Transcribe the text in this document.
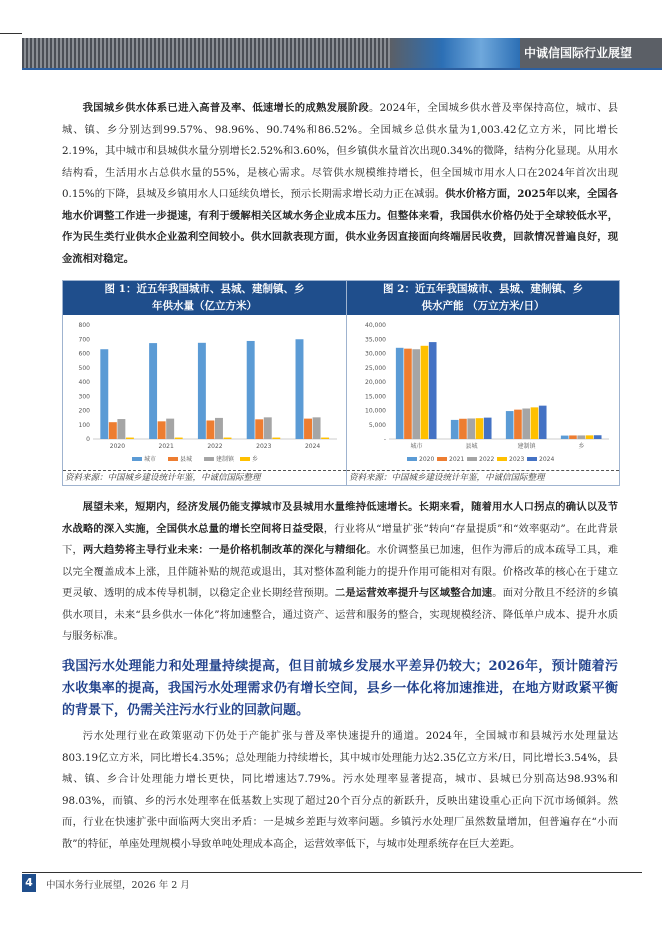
中诚信国际行业展望

我国城乡供水体系已进入高普及率、低速增长的成熟发展阶段。2024年，全国城乡供水普及率保持高位，城市、县城、镇、乡分别达到99.57%、98.96%、90.74%和86.52%。全国城乡总供水量为1,003.42亿立方米，同比增长2.19%，其中城市和县城供水量分别增长2.52%和3.60%，但乡镇供水量首次出现0.34%的微降，结构分化显现。从用水结构看，生活用水占总供水量的55%，是核心需求。尽管供水规模维持增长，但全国城市用水人口在2024年首次出现0.15%的下降，县城及乡镇用水人口延续负增长，预示长期需求增长动力正在减弱。供水价格方面，2025年以来，全国各地水价调整工作进一步提速，有利于缓解相关区域水务企业成本压力。但整体来看，我国供水价格仍处于全球较低水平，作为民生类行业供水企业盈利空间较小。供水回款表现方面，供水业务因直接面向终端居民收费，回款情况普遍良好，现金流相对稳定。

图 1：近五年我国城市、县城、建制镇、乡
年供水量（亿立方米）
0
100
200
300
400
500
600
700
800
2020	2021	2022	2023	2024
城市	县城	建制镇	乡
资料来源：中国城乡建设统计年鉴，中诚信国际整理
图 2：近五年我国城市、县城、建制镇、乡
供水产能 （万立方米/日）
-
5,000
10,000
15,000
20,000
25,000
30,000
35,000
40,000
城市	县城	建制镇	乡
2020 2021 2022 2023 2024
资料来源：中国城乡建设统计年鉴，中诚信国际整理

展望未来，短期内，经济发展仍能支撑城市及县城用水量维持低速增长。长期来看，随着用水人口拐点的确认以及节水战略的深入实施，全国供水总量的增长空间将日益受限，行业将从“增量扩张”转向“存量提质”和“效率驱动”。在此背景下，两大趋势将主导行业未来：一是价格机制改革的深化与精细化。水价调整虽已加速，但作为滞后的成本疏导工具，难以完全覆盖成本上涨，且伴随补贴的规范或退出，其对整体盈利能力的提升作用可能相对有限。价格改革的核心在于建立更灵敏、透明的成本传导机制，以稳定企业长期经营预期。二是运营效率提升与区域整合加速。面对分散且不经济的乡镇供水项目，未来“县乡供水一体化”将加速整合，通过资产、运营和服务的整合，实现规模经济、降低单户成本、提升水质与服务标准。

我国污水处理能力和处理量持续提高，但目前城乡发展水平差异仍较大；2026年，预计随着污水收集率的提高，我国污水处理需求仍有增长空间，县乡一体化将加速推进，在地方财政紧平衡的背景下，仍需关注污水行业的回款问题。

污水处理行业在政策驱动下仍处于产能扩张与普及率快速提升的通道。2024年，全国城市和县城污水处理量达803.19亿立方米，同比增长4.35%；总处理能力持续增长，其中城市处理能力达2.35亿立方米/日，同比增长3.54%，县城、镇、乡合计处理能力增长更快，同比增速达7.79%。污水处理率显著提高，城市、县城已分别高达98.93%和98.03%，而镇、乡的污水处理率在低基数上实现了超过20个百分点的新跃升，反映出建设重心正向下沉市场倾斜。然而，行业在快速扩张中面临两大突出矛盾：一是城乡差距与效率问题。乡镇污水处理厂虽然数量增加，但普遍存在“小而散”的特征，单座处理规模小导致单吨处理成本高企，运营效率低下，与城市处理系统存在巨大差距。

4	中国水务行业展望，2026 年 2 月
